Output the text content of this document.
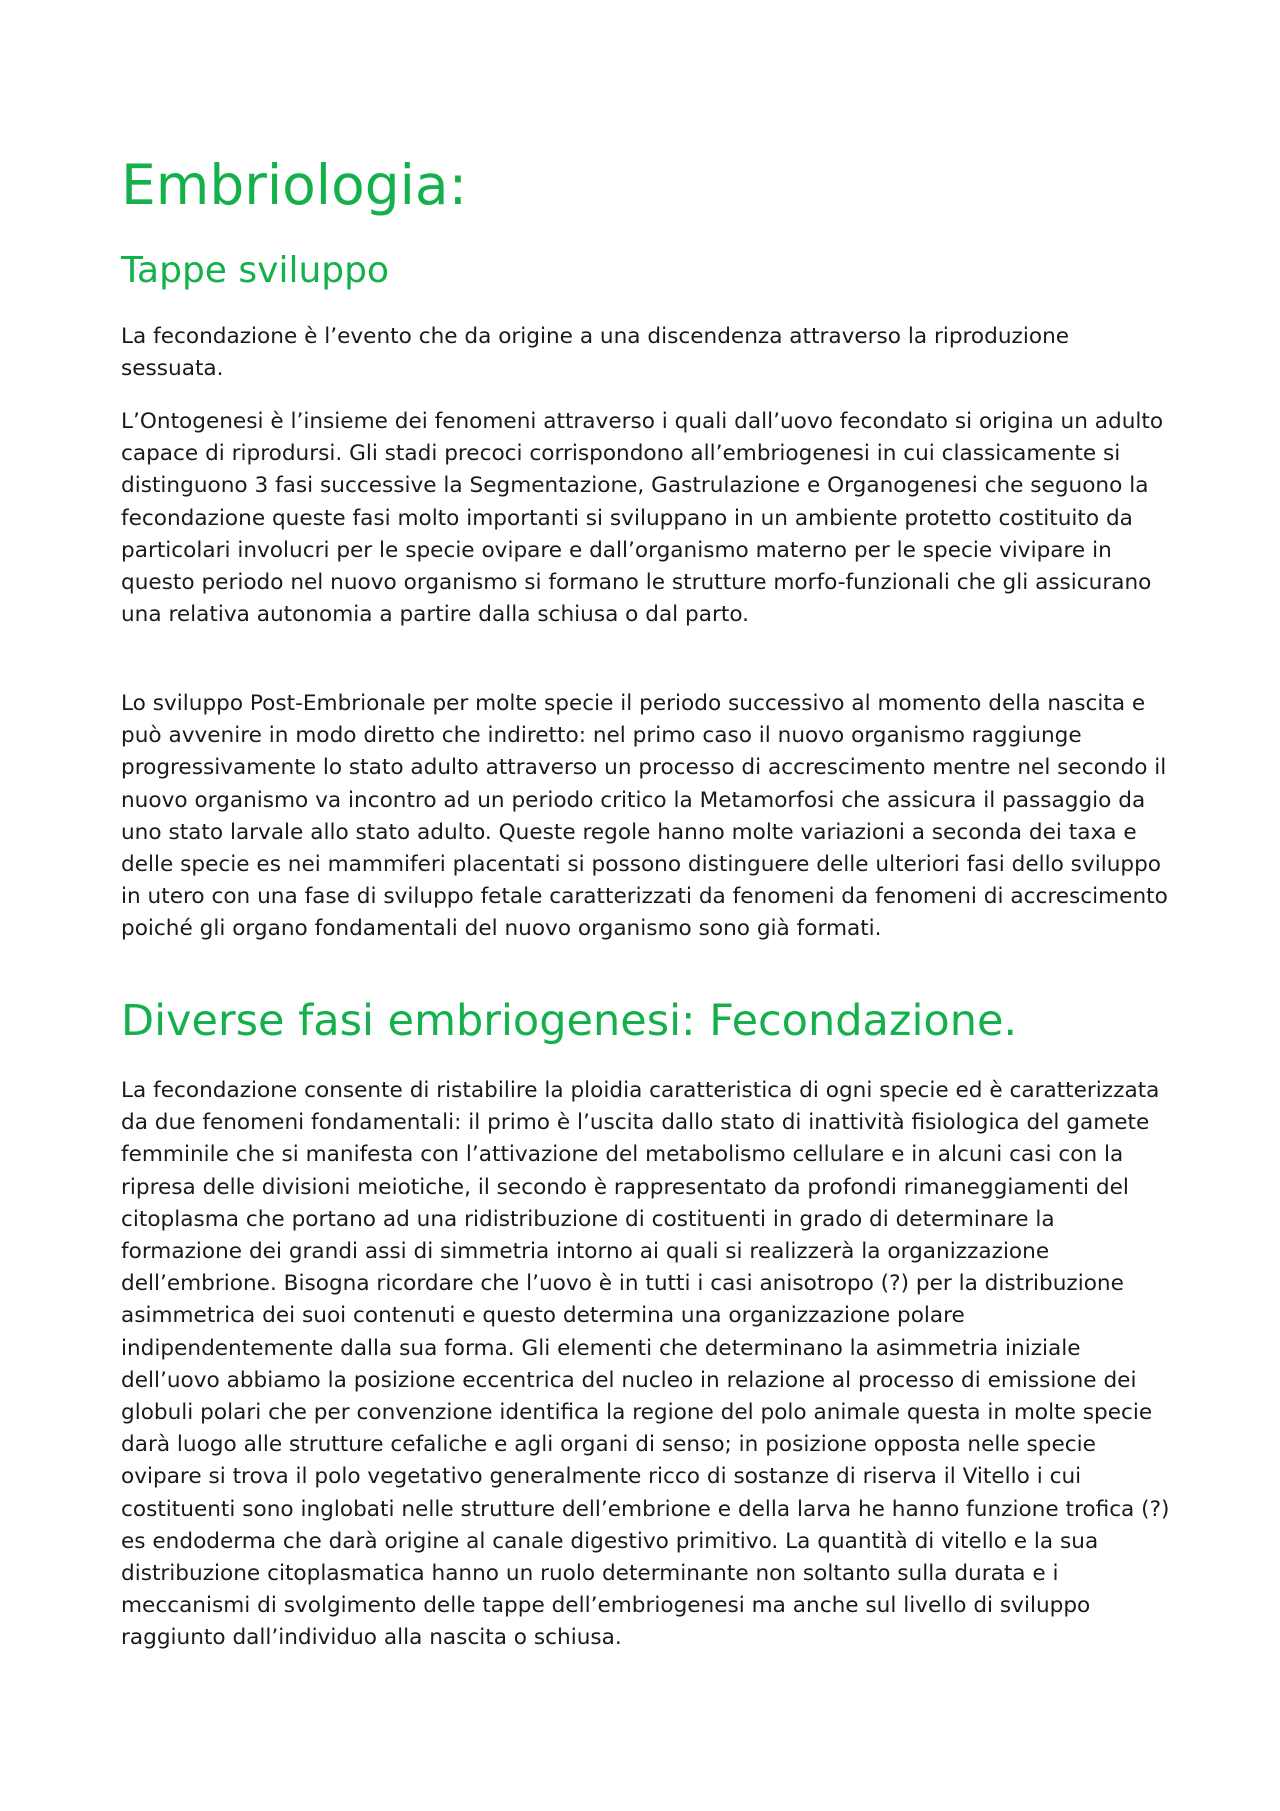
Embriologia:
Tappe sviluppo

La fecondazione è l’evento che da origine a una discendenza attraverso la riproduzione sessuata.

L’Ontogenesi è l’insieme dei fenomeni attraverso i quali dall’uovo fecondato si origina un adulto capace di riprodursi. Gli stadi precoci corrispondono all’embriogenesi in cui classicamente si distinguono 3 fasi successive la Segmentazione, Gastrulazione e Organogenesi che seguono la fecondazione queste fasi molto importanti si sviluppano in un ambiente protetto costituito da particolari involucri per le specie ovipare e dall’organismo materno per le specie vivipare in questo periodo nel nuovo organismo si formano le strutture morfo-funzionali che gli assicurano una relativa autonomia a partire dalla schiusa o dal parto.

Lo sviluppo Post-Embrionale per molte specie il periodo successivo al momento della nascita e può avvenire in modo diretto che indiretto: nel primo caso il nuovo organismo raggiunge progressivamente lo stato adulto attraverso un processo di accrescimento mentre nel secondo il nuovo organismo va incontro ad un periodo critico la Metamorfosi che assicura il passaggio da uno stato larvale allo stato adulto. Queste regole hanno molte variazioni a seconda dei taxa e delle specie es nei mammiferi placentati si possono distinguere delle ulteriori fasi dello sviluppo in utero con una fase di sviluppo fetale caratterizzati da fenomeni da fenomeni di accrescimento poiché gli organo fondamentali del nuovo organismo sono già formati.

Diverse fasi embriogenesi: Fecondazione.

La fecondazione consente di ristabilire la ploidia caratteristica di ogni specie ed è caratterizzata da due fenomeni fondamentali: il primo è l’uscita dallo stato di inattività fisiologica del gamete femminile che si manifesta con l’attivazione del metabolismo cellulare e in alcuni casi con la ripresa delle divisioni meiotiche, il secondo è rappresentato da profondi rimaneggiamenti del citoplasma che portano ad una ridistribuzione di costituenti in grado di determinare la formazione dei grandi assi di simmetria intorno ai quali si realizzerà la organizzazione dell’embrione. Bisogna ricordare che l’uovo è in tutti i casi anisotropo (?) per la distribuzione asimmetrica dei suoi contenuti e questo determina una organizzazione polare indipendentemente dalla sua forma. Gli elementi che determinano la asimmetria iniziale dell’uovo abbiamo la posizione eccentrica del nucleo in relazione al processo di emissione dei globuli polari che per convenzione identifica la regione del polo animale questa in molte specie darà luogo alle strutture cefaliche e agli organi di senso; in posizione opposta nelle specie ovipare si trova il polo vegetativo generalmente ricco di sostanze di riserva il Vitello i cui costituenti sono inglobati nelle strutture dell’embrione e della larva he hanno funzione trofica (?) es endoderma che darà origine al canale digestivo primitivo. La quantità di vitello e la sua distribuzione citoplasmatica hanno un ruolo determinante non soltanto sulla durata e i meccanismi di svolgimento delle tappe dell’embriogenesi ma anche sul livello di sviluppo raggiunto dall’individuo alla nascita o schiusa.
